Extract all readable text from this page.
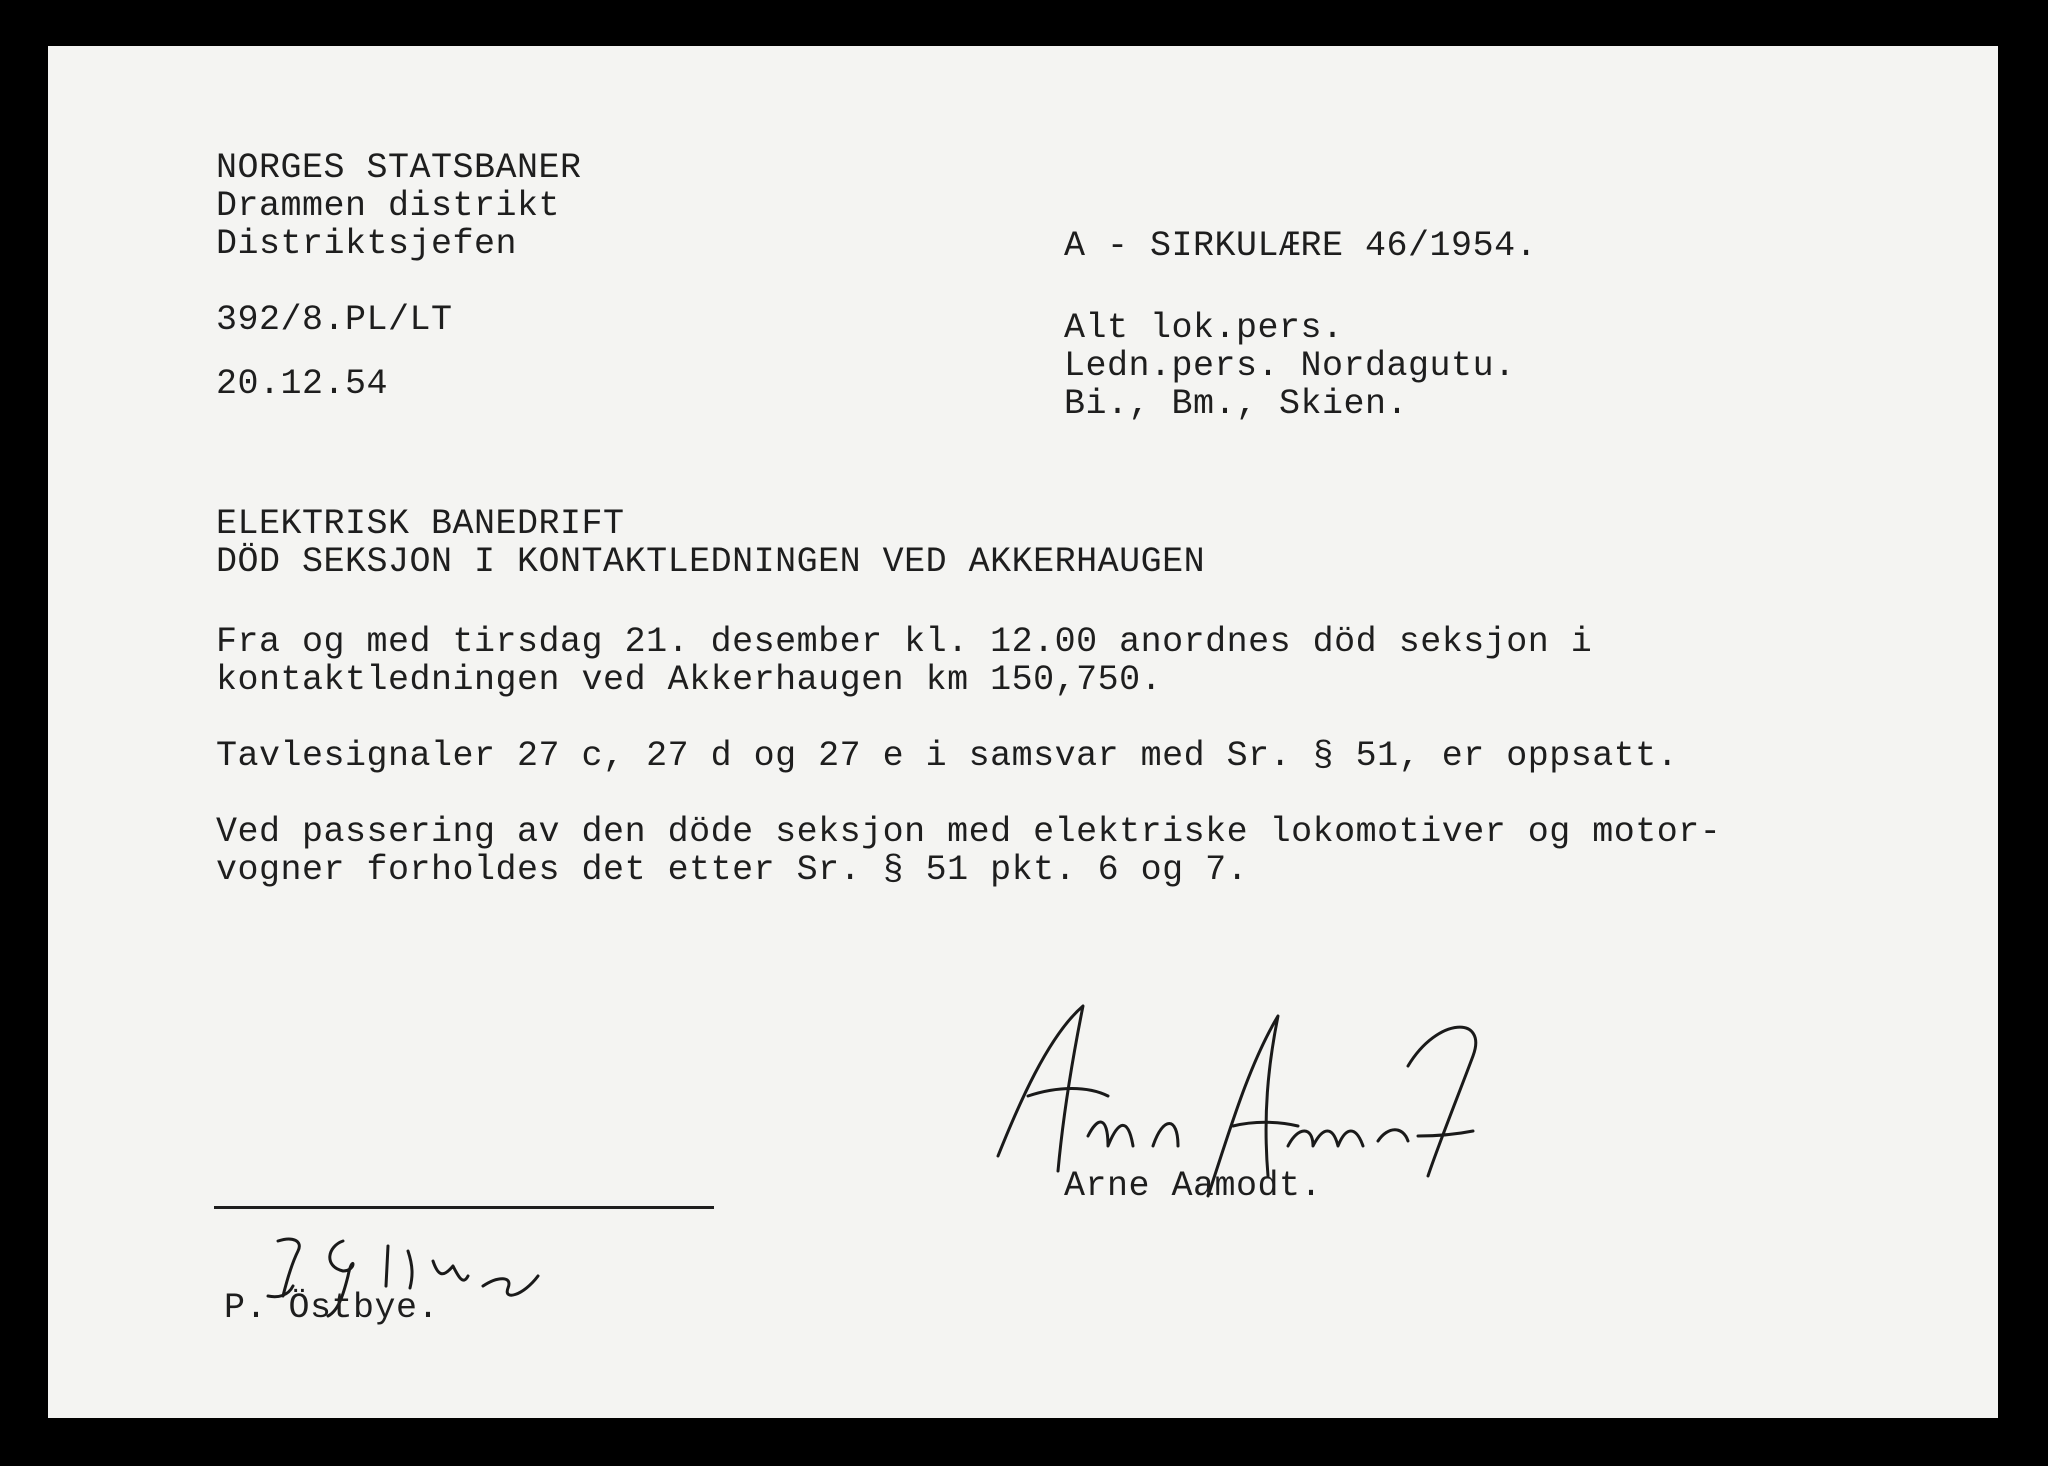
NORGES STATSBANER
Drammen distrikt
Distriktsjefen	A - SIRKULÆRE 46/1954.
392/8.PL/LT
20.12.54
Alt lok.pers.
Ledn.pers. Nordagutu.
Bi., Bm., Skien.
ELEKTRISK BANEDRIFT
DÖD SEKSJON I KONTAKTLEDNINGEN VED AKKERHAUGEN
Fra og med tirsdag 21. desember kl. 12.00 anordnes död seksjon i
kontaktledningen ved Akkerhaugen km 150,750.
Tavlesignaler 27 c, 27 d og 27 e i samsvar med Sr. § 51, er oppsatt.
Ved passering av den döde seksjon med elektriske lokomotiver og motor-
vogner forholdes det etter Sr. § 51 pkt. 6 og 7.
Arne Aamodt.
P. Östbye.
